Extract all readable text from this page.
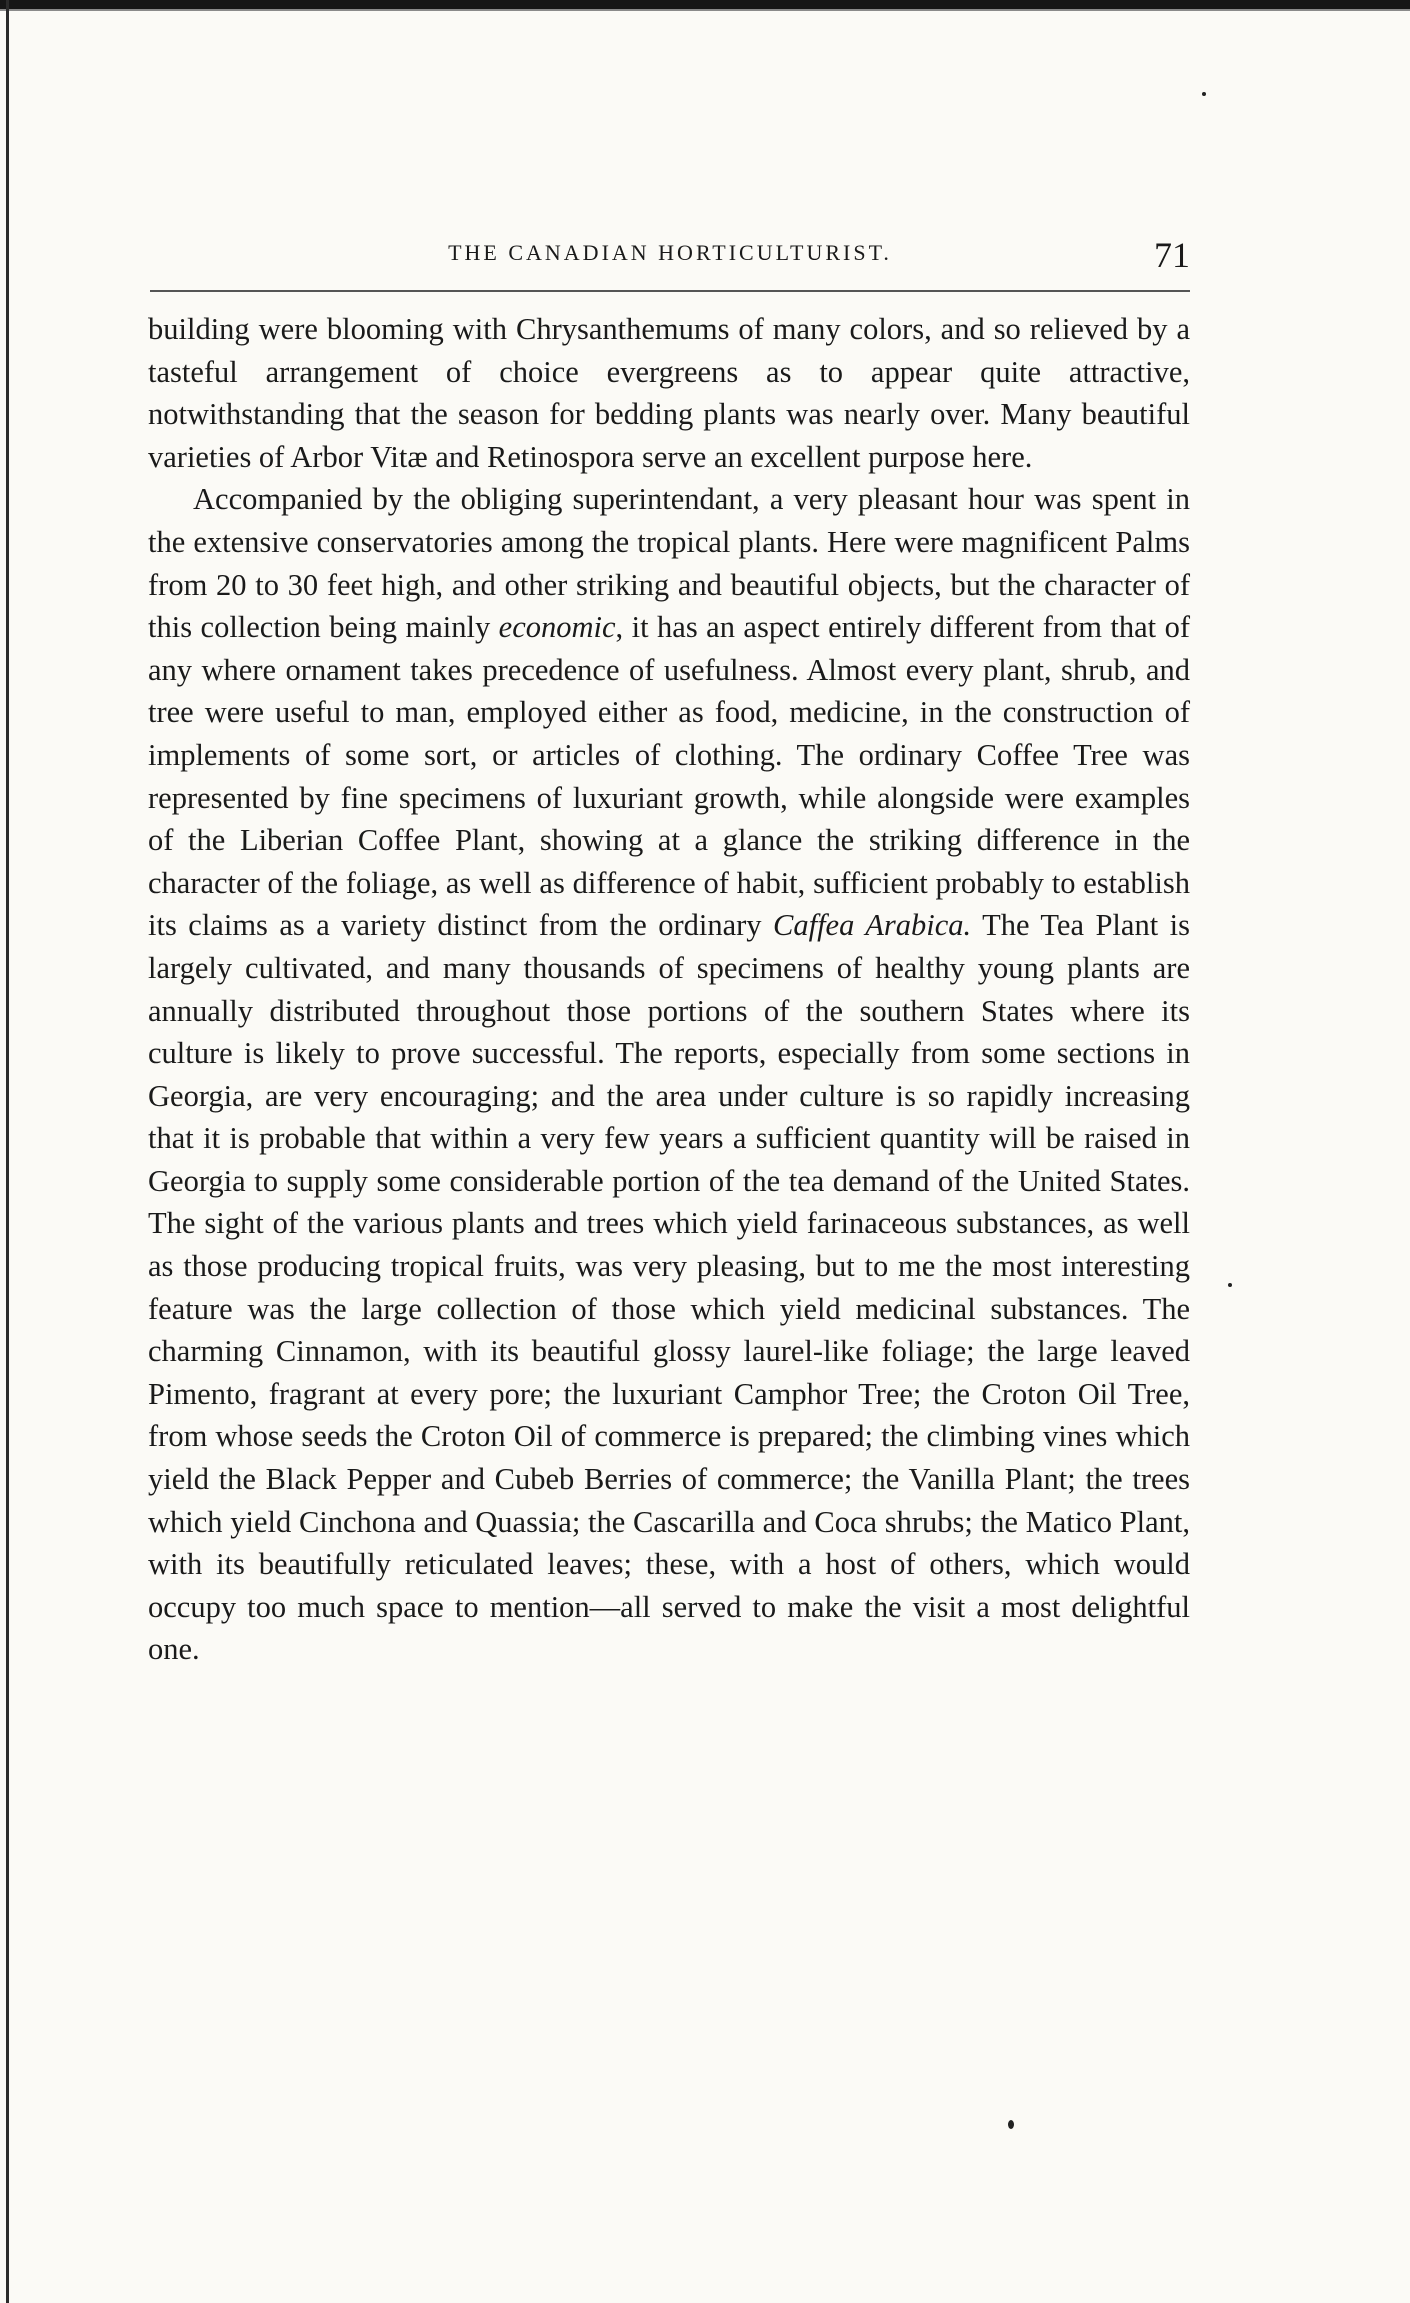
THE CANADIAN HORTICULTURIST.	71

building were blooming with Chrysanthemums of many colors, and so relieved by a tasteful arrangement of choice evergreens as to appear quite attractive, notwithstanding that the season for bedding plants was nearly over. Many beautiful varieties of Arbor Vitæ and Retinospora serve an excellent purpose here.

Accompanied by the obliging superintendant, a very pleasant hour was spent in the extensive conservatories among the tropical plants. Here were magnificent Palms from 20 to 30 feet high, and other striking and beautiful objects, but the character of this collection being mainly economic, it has an aspect entirely different from that of any where ornament takes precedence of usefulness. Almost every plant, shrub, and tree were useful to man, employed either as food, medicine, in the construction of implements of some sort, or articles of clothing. The ordinary Coffee Tree was represented by fine specimens of luxuriant growth, while alongside were examples of the Liberian Coffee Plant, showing at a glance the striking difference in the character of the foliage, as well as difference of habit, sufficient probably to establish its claims as a variety distinct from the ordinary Caffea Arabica. The Tea Plant is largely cultivated, and many thousands of specimens of healthy young plants are annually distributed throughout those portions of the southern States where its culture is likely to prove successful. The reports, especially from some sections in Georgia, are very encouraging; and the area under culture is so rapidly increasing that it is probable that within a very few years a sufficient quantity will be raised in Georgia to supply some considerable portion of the tea demand of the United States. The sight of the various plants and trees which yield farinaceous substances, as well as those producing tropical fruits, was very pleasing, but to me the most interesting feature was the large collection of those which yield medicinal substances. The charming Cinnamon, with its beautiful glossy laurel-like foliage; the large leaved Pimento, fragrant at every pore; the luxuriant Camphor Tree; the Croton Oil Tree, from whose seeds the Croton Oil of commerce is prepared; the climbing vines which yield the Black Pepper and Cubeb Berries of commerce; the Vanilla Plant; the trees which yield Cinchona and Quassia; the Cascarilla and Coca shrubs; the Matico Plant, with its beautifully reticulated leaves; these, with a host of others, which would occupy too much space to mention—all served to make the visit a most delightful one.
